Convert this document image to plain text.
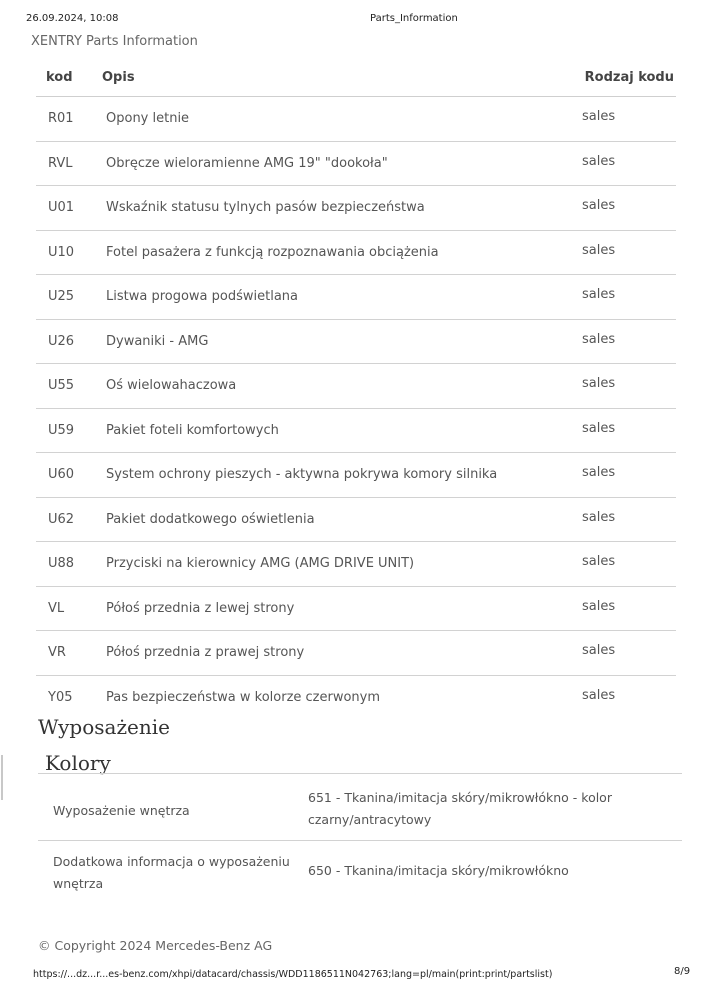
26.09.2024, 10:08	Parts_Information
XENTRY Parts Information
kod Opis	Rodzaj kodu
R01 Opony letnie	sales
RVL	Obręcze wieloramienne AMG 19" "dookoła"	sales
U01 Wskaźnik statusu tylnych pasów bezpieczeństwa	sales
U10 Fotel pasażera z funkcją rozpoznawania obciążenia	sales
U25 Listwa progowa podświetlana	sales
U26 Dywaniki - AMG	sales
U55 Oś wielowahaczowa	sales
U59 Pakiet foteli komfortowych	sales
U60 System ochrony pieszych - aktywna pokrywa komory silnika	sales
U62 Pakiet dodatkowego oświetlenia	sales
U88 Przyciski na kierownicy AMG (AMG DRIVE UNIT)	sales
VL	Półoś przednia z lewej strony	sales
VR	Półoś przednia z prawej strony	sales
Y05	Pas bezpieczeństwa w kolorze czerwonym	sales
Wyposażenie
Kolory
Wyposażenie wnętrza
651 - Tkanina/imitacja skóry/mikrowłókno - kolor czarny/antracytowy
Dodatkowa informacja o wyposażeniu wnętrza
650 - Tkanina/imitacja skóry/mikrowłókno
© Copyright 2024 Mercedes-Benz AG
https://...dz...r...es-benz.com/xhpi/datacard/chassis/WDD1186511N042763;lang=pl/main(print:print/partslist)	8/9
